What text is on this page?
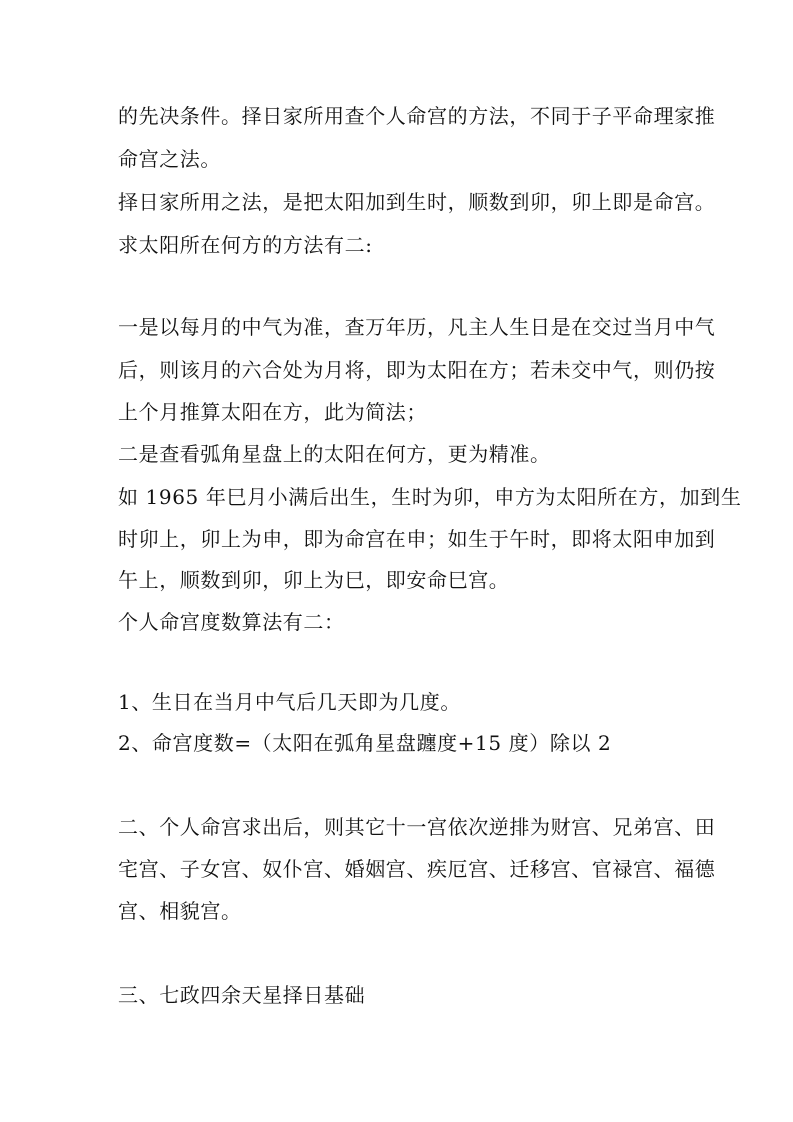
的先决条件。择日家所用查个人命宫的方法，不同于子平命理家推
命宫之法。
择日家所用之法，是把太阳加到生时，顺数到卯，卯上即是命宫。
求太阳所在何方的方法有二:
一是以每月的中气为准，查万年历，凡主人生日是在交过当月中气
后，则该月的六合处为月将，即为太阳在方；若未交中气，则仍按
上个月推算太阳在方，此为简法；
二是查看弧角星盘上的太阳在何方，更为精准。
如 1965 年巳月小满后出生，生时为卯，申方为太阳所在方，加到生
时卯上，卯上为申，即为命宫在申；如生于午时，即将太阳申加到
午上，顺数到卯，卯上为巳，即安命巳宫。
个人命宫度数算法有二：
1、生日在当月中气后几天即为几度。
2、命宫度数=（太阳在弧角星盘躔度+15 度）除以 2
二、个人命宫求出后，则其它十一宫依次逆排为财宫、兄弟宫、田
宅宫、子女宫、奴仆宫、婚姻宫、疾厄宫、迁移宫、官禄宫、福德
宫、相貌宫。
三、七政四余天星择日基础
